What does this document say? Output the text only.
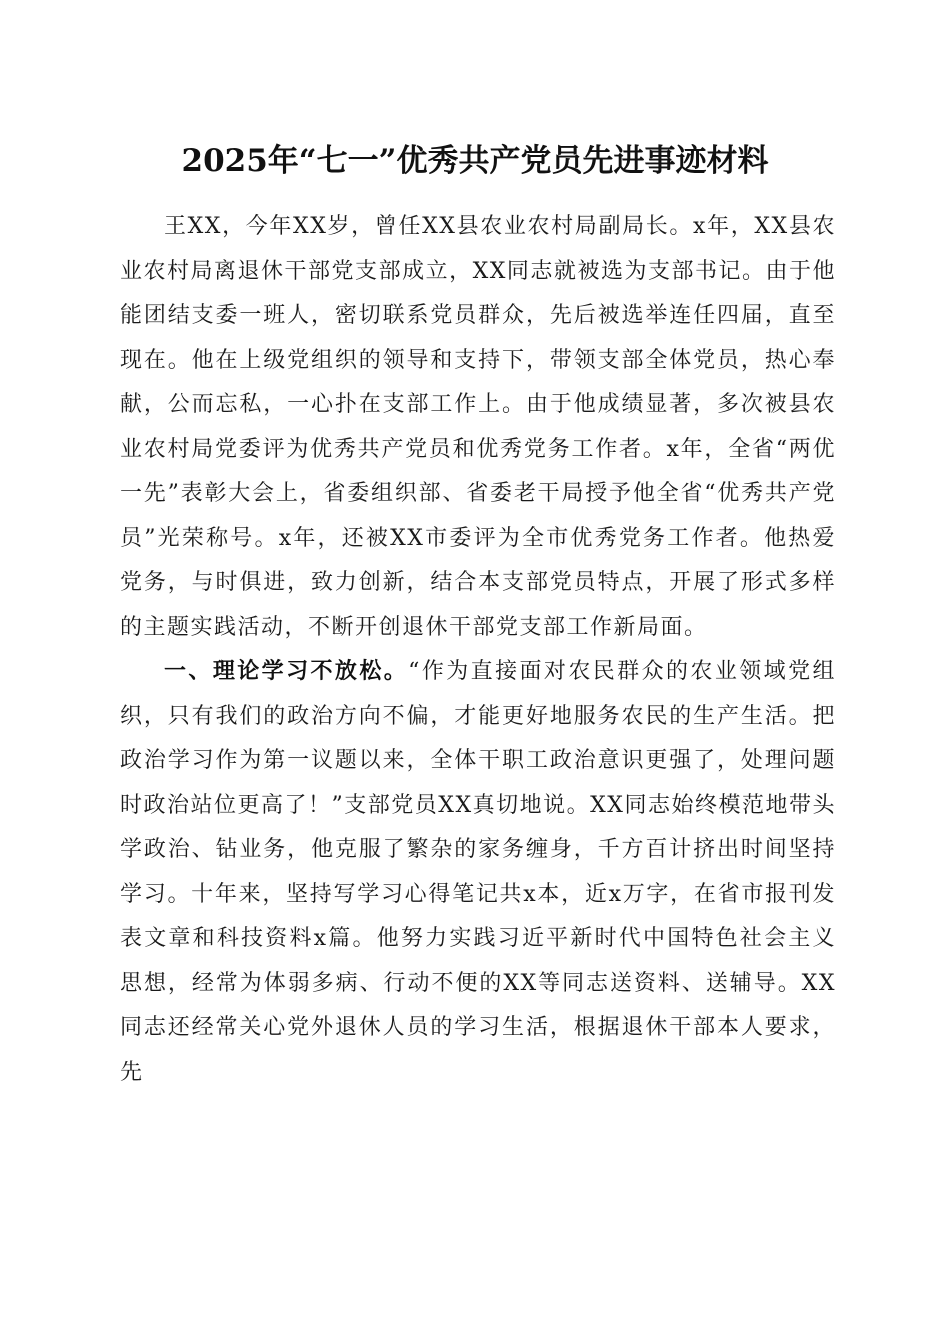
2025年“七一”优秀共产党员先进事迹材料

王XX，今年XX岁，曾任XX县农业农村局副局长。x年，XX县农业农村局离退休干部党支部成立，XX同志就被选为支部书记。由于他能团结支委一班人，密切联系党员群众，先后被选举连任四届，直至现在。他在上级党组织的领导和支持下，带领支部全体党员，热心奉献，公而忘私，一心扑在支部工作上。由于他成绩显著，多次被县农业农村局党委评为优秀共产党员和优秀党务工作者。x年，全省“两优一先”表彰大会上，省委组织部、省委老干局授予他全省“优秀共产党员”光荣称号。x年，还被XX市委评为全市优秀党务工作者。他热爱党务，与时俱进，致力创新，结合本支部党员特点，开展了形式多样的主题实践活动，不断开创退休干部党支部工作新局面。

一、理论学习不放松。“作为直接面对农民群众的农业领域党组织，只有我们的政治方向不偏，才能更好地服务农民的生产生活。把政治学习作为第一议题以来，全体干职工政治意识更强了，处理问题时政治站位更高了！”支部党员XX真切地说。XX同志始终模范地带头学政治、钻业务，他克服了繁杂的家务缠身，千方百计挤出时间坚持学习。十年来，坚持写学习心得笔记共x本，近x万字，在省市报刊发表文章和科技资料x篇。他努力实践习近平新时代中国特色社会主义思想，经常为体弱多病、行动不便的XX等同志送资料、送辅导。XX同志还经常关心党外退休人员的学习生活，根据退休干部本人要求，先
